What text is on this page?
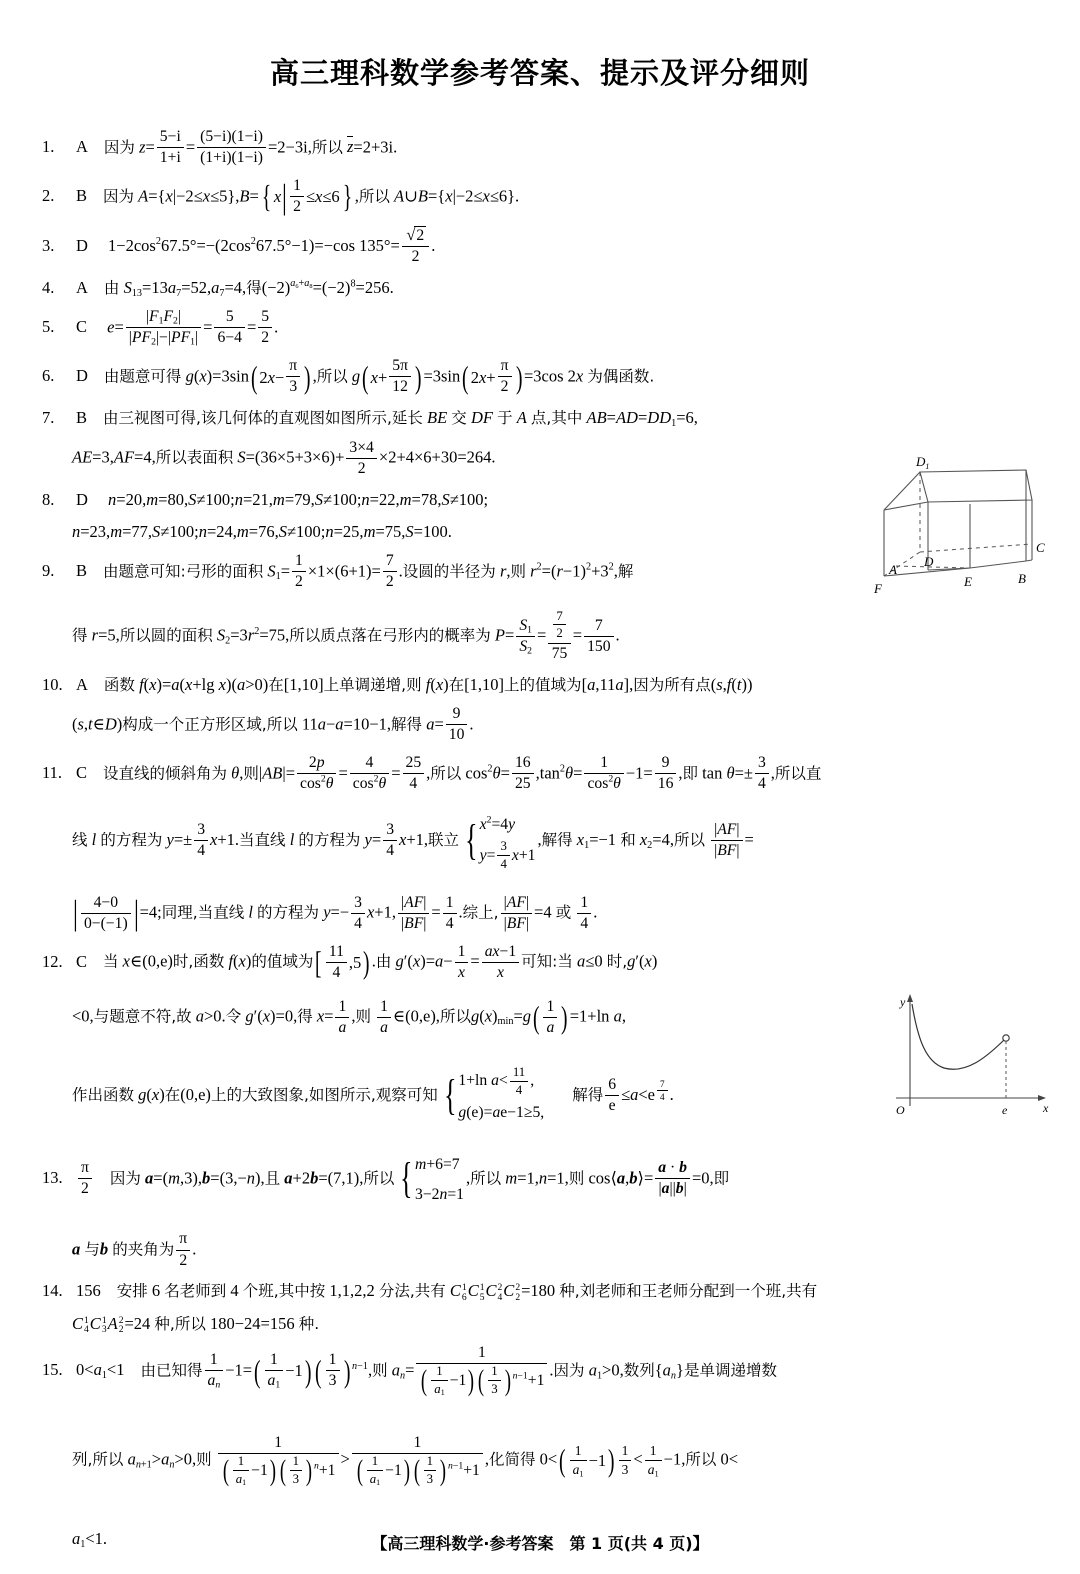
高三理科数学参考答案、提示及评分细则
1. A 因为 $z= \frac{5-i}{1+i} = \frac{(5-i)(1-i)}{(1+i)(1-i)} =2-3i$,所以 z=2+3i.
2. B 因为 A={x|−2≤x≤5},B= { x | $\frac{1}{2} \le x \le 6$ } ,所以 A∪B={x|−2≤x≤6}.
3. D $1-2\cos^267.5^\circ=-(2\cos^267.5^\circ-1)=-\cos$ $135^\circ= \frac{√2}{2}$ .
4. A 由 $S_{13}=13a_7=52,a_7=4$,得$(-2)^{a_6+a_8}=(-2)^8=256$.
5. C $e= \frac{|F_1F_2|}{|PF_2|-|PF_1|} = \frac{5}{6-4} = \frac{5}{2}$ .
6. D 由题意可得 g(x)=3sin ( 2 $x - \frac{\pi}{3}$ ) ,所以 g ( $x + \frac{5\pi}{12}$ ) =3sin ( 2 $x + \frac{\pi}{2}$ ) =3cos 2x 为偶函数.
7. B 由三视图可得,该几何体的直观图如图所示,延长 BE 交 DF 于 A 点,其中 $AB=AD=DD_1=6$,
AE=3,AF=4,所以表面积 $S=(36\times 5+3\times 6)+ \frac{3\times 4}{2} \times 2+4\times 6+30=264$.
8. D n=20,m=80,S≠100;n=21,m=79,S≠100;n=22,m=78,S≠100;
n=23,m=77,S≠100;n=24,m=76,S≠100;n=25,m=75,S=100.
9. B 由题意可知:弓形的面积 $S_1= \frac{1}{2} \times 1\times(6+1)= \frac{7}{2}$ .设圆的半径为 r,则 $r^2=(r-1)^2+3^2$,解
得 r=5,所以圆的面积 $S_2=3r^2=75$,所以质点落在弓形内的概率为 $P= \frac{S_1}{S_2} = \frac{\frac{7}{2}}{75} = \frac{7}{150}$ .
10. A 函数 f(x)=a(x+lg x)(a>0)在[1,10]上单调递增,则 f(x)在[1,10]上的值域为[a,11a],因为所有点(s,f(t))
(s,t∈D)构成一个正方形区域,所以 11a−a=10−1,解得 $a= \frac{9}{10}$ .
11. C 设直线的倾斜角为 θ,则$|AB|= \frac{2p}{\cos^2\theta} = \frac{4}{\cos^2\theta} = \frac{25}{4}$ ,所以 $\cos^2\theta= \frac{16}{25} ,\tan^2\theta= \frac{1}{\cos^2\theta} -1= \frac{9}{16}$ ,即 $\tan \theta=\pm \frac{3}{4}$ ,所以直
线 l 的方程为 $y=\pm \frac{3}{4} x+1$.当直线 l 的方程为 $y= \frac{3}{4} x+1$,联立 { $x^2=4y$
$y= \frac{3}{4} x+1$
,解得 $x_1=-1$ 和 $x_2=4$,所以 $\frac{|AF|}{|BF|}$ =
| $\frac{4-0}{0-(-1)}$ | =4;同理,当直线 l 的方程为 $y=- \frac{3}{4} x+1$, $\frac{|AF|}{|BF|} = \frac{1}{4}$ .综上, $\frac{|AF|}{|BF|} =4$ 或 $\frac{1}{4}$ .
12. C 当 x∈(0,e)时,函数 f(x)的值域为 [ $\frac{11}{4} ,5$ ) .由 $g'(x)=a- \frac{1}{x} = \frac{ax-1}{x}$ 可知:当 a≤0 时,g′(x)
<0,与题意不符,故 a>0.令 g′(x)=0,得 $x= \frac{1}{a}$ ,则 $\frac{1}{a}$ ∈(0,e),所以$g(x)_{min}=g$ ( $\frac{1}{a}$ ) =1+ln a,
作出函数 g(x)在(0,e)上的大致图象,如图所示,观察可知 { 1+ln $a< \frac{11}{4}$ ,
g(e)=ae−1≥5,
解得 $\frac{6}{e} \le a<e$ $^{\frac{7}{4}}$ .
13. $\frac{\pi}{2}$ 因为 a=(m,3),b=(3,−n),且 a+2b=(7,1),所以 { m+6=7
3−2n=1
,所以 m=1,n=1,则 cos⟨a,b⟩= $\frac{a \cdot b}{|a||b|} =0$,即
a 与b 的夹角为 $\frac{\pi}{2}$ .
14. 156 安排 6 名老师到 4 个班,其中按 1,1,2,2 分法,共有 C 1
6 C 1
5 C 2
4 C 2
2 =180 种,刘老师和王老师分配到一个班,共有
C 1
4 C 1
3 A 2
2 =24 种,所以 180−24=156 种.
15. $0<a_1<1$ 由已知得 $\frac{1}{a_n} -1=$ ( $\frac{1}{a_1} -1$ ) ( $\frac{1}{3}$ ) $^{n-1}$,则 $a_n= \frac{1}{( \frac{1}{a_1} -1 ) ( \frac{1}{3} ) ^{n-1}+1}$ .因为 $a_1>0$,数列$\{a_n\}$是单调递增数
列,所以 $a_{n+1}>a_n>0$,则 $\frac{1}{( \frac{1}{a_1} -1 ) ( \frac{1}{3} ) ^n+1} > \frac{1}{( \frac{1}{a_1} -1 ) ( \frac{1}{3} ) ^{n-1}+1}$ ,化简得 0< ( $\frac{1}{a_1} -1$ ) $\frac{1}{3} < \frac{1}{a_1} -1$,所以 0<
$a_1<1$.
$D_1$
D
C
A
F	E	B
O
y
x
e
【高三理科数学·参考答案　第 1 页(共 4 页)】
